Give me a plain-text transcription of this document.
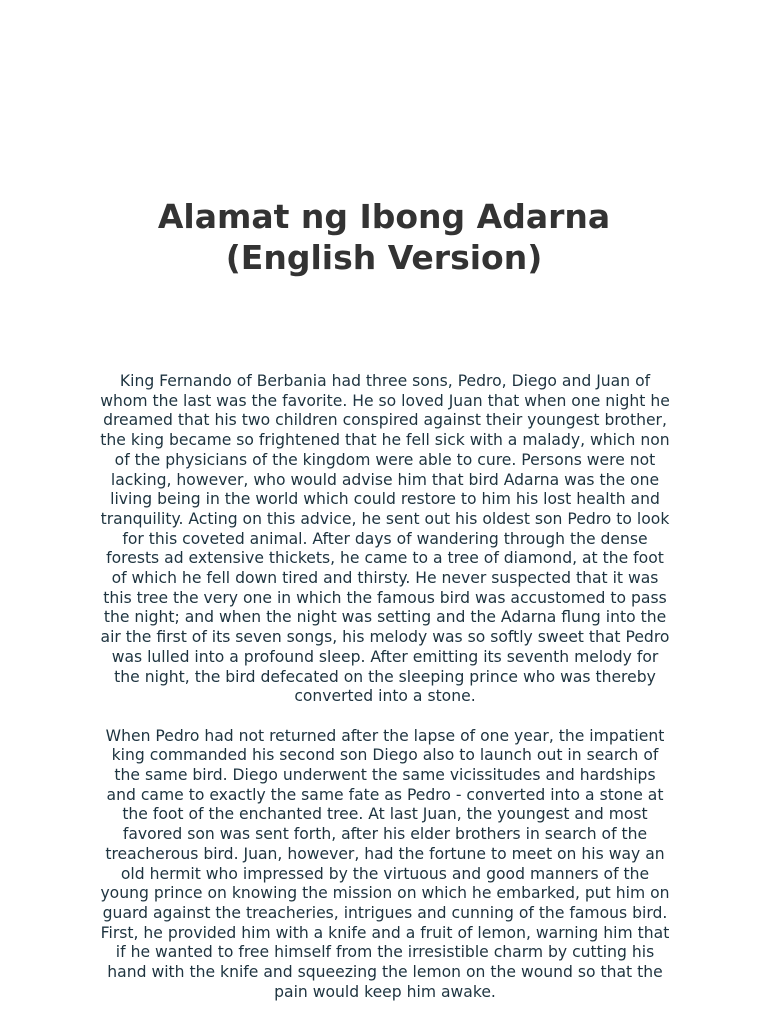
Alamat ng Ibong Adarna
(English Version)

King Fernando of Berbania had three sons, Pedro, Diego and Juan of whom the last was the favorite. He so loved Juan that when one night he dreamed that his two children conspired against their youngest brother, the king became so frightened that he fell sick with a malady, which non of the physicians of the kingdom were able to cure. Persons were not lacking, however, who would advise him that bird Adarna was the one living being in the world which could restore to him his lost health and tranquility. Acting on this advice, he sent out his oldest son Pedro to look for this coveted animal. After days of wandering through the dense forests ad extensive thickets, he came to a tree of diamond, at the foot of which he fell down tired and thirsty. He never suspected that it was this tree the very one in which the famous bird was accustomed to pass the night; and when the night was setting and the Adarna flung into the air the first of its seven songs, his melody was so softly sweet that Pedro was lulled into a profound sleep. After emitting its seventh melody for the night, the bird defecated on the sleeping prince who was thereby converted into a stone.

When Pedro had not returned after the lapse of one year, the impatient king commanded his second son Diego also to launch out in search of the same bird. Diego underwent the same vicissitudes and hardships and came to exactly the same fate as Pedro - converted into a stone at the foot of the enchanted tree. At last Juan, the youngest and most favored son was sent forth, after his elder brothers in search of the treacherous bird. Juan, however, had the fortune to meet on his way an old hermit who impressed by the virtuous and good manners of the young prince on knowing the mission on which he embarked, put him on guard against the treacheries, intrigues and cunning of the famous bird. First, he provided him with a knife and a fruit of lemon, warning him that if he wanted to free himself from the irresistible charm by cutting his hand with the knife and squeezing the lemon on the wound so that the pain would keep him awake.
